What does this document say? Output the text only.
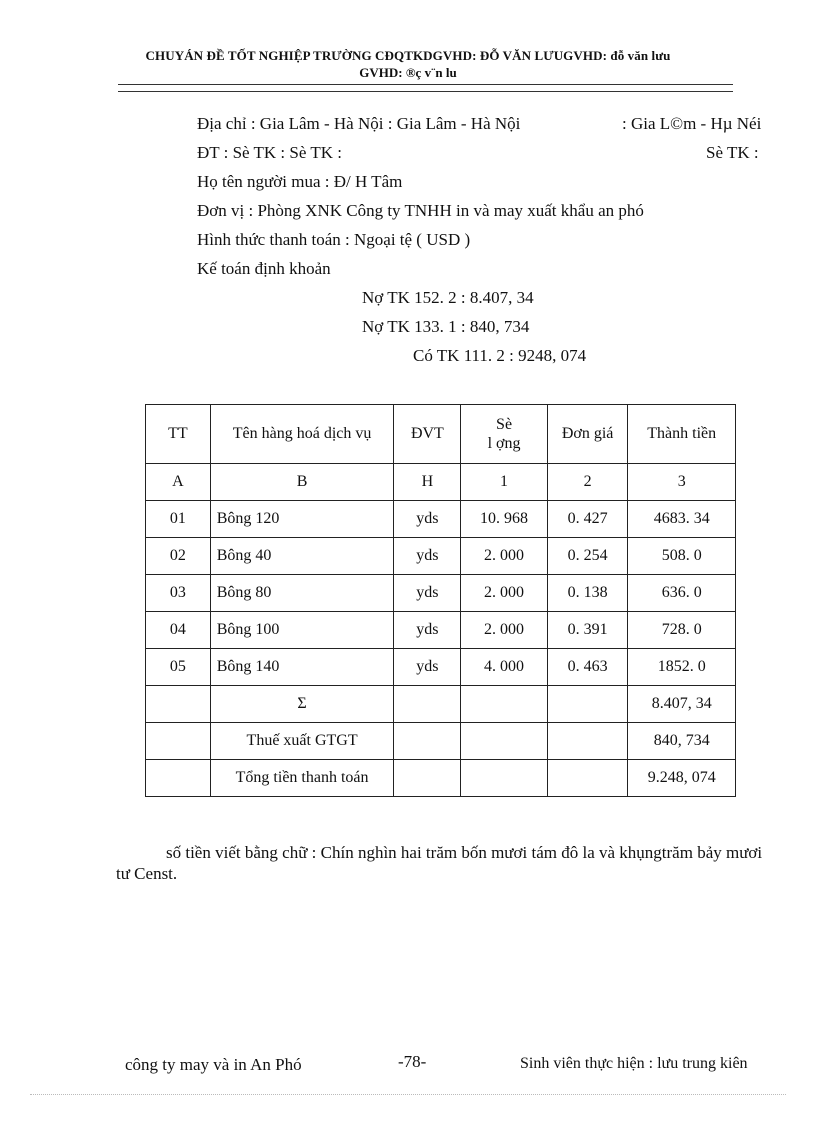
CHUYÁN ĐỀ TỐT NGHIỆP TRƯỜNG CĐQTKDGVHD: ĐỖ VĂN LƯUGVHD: đỗ văn lưu
GVHD: ®ç v¨n lu
Địa chỉ : Gia Lâm - Hà Nội : Gia Lâm - Hà Nội	: Gia L©m - Hµ Néi
ĐT : Sè TK : Sè TK :	Sè TK :
Họ tên người mua : Đ/ H Tâm
Đơn vị : Phòng XNK Công ty TNHH in và may xuất khẩu an phó
Hình thức thanh toán : Ngoại tệ ( USD )
Kế toán định khoản
Nợ TK 152. 2 : 8.407, 34
Nợ TK 133. 1 : 840, 734
Có TK 111. 2 : 9248, 074
TT	Tên hàng hoá dịch vụ	ĐVT	Sè
l ợng	Đơn giá	Thành tiền
A	B	H	1	2	3
01	Bông 120	yds	10. 968	0. 427	4683. 34
02	Bông 40	yds	2. 000	0. 254	508. 0
03	Bông 80	yds	2. 000	0. 138	636. 0
04	Bông 100	yds	2. 000	0. 391	728. 0
05	Bông 140	yds	4. 000	0. 463	1852. 0
	Σ				8.407, 34
	Thuế xuất GTGT				840, 734
	Tổng tiền thanh toán				9.248, 074
số tiền viết bằng chữ : Chín nghìn hai trăm bốn mươi tám đô la và khụngtrăm bảy mươi tư Censt.
công ty may và in An Phó	-78-	Sinh viên thực hiện : lưu trung kiên
